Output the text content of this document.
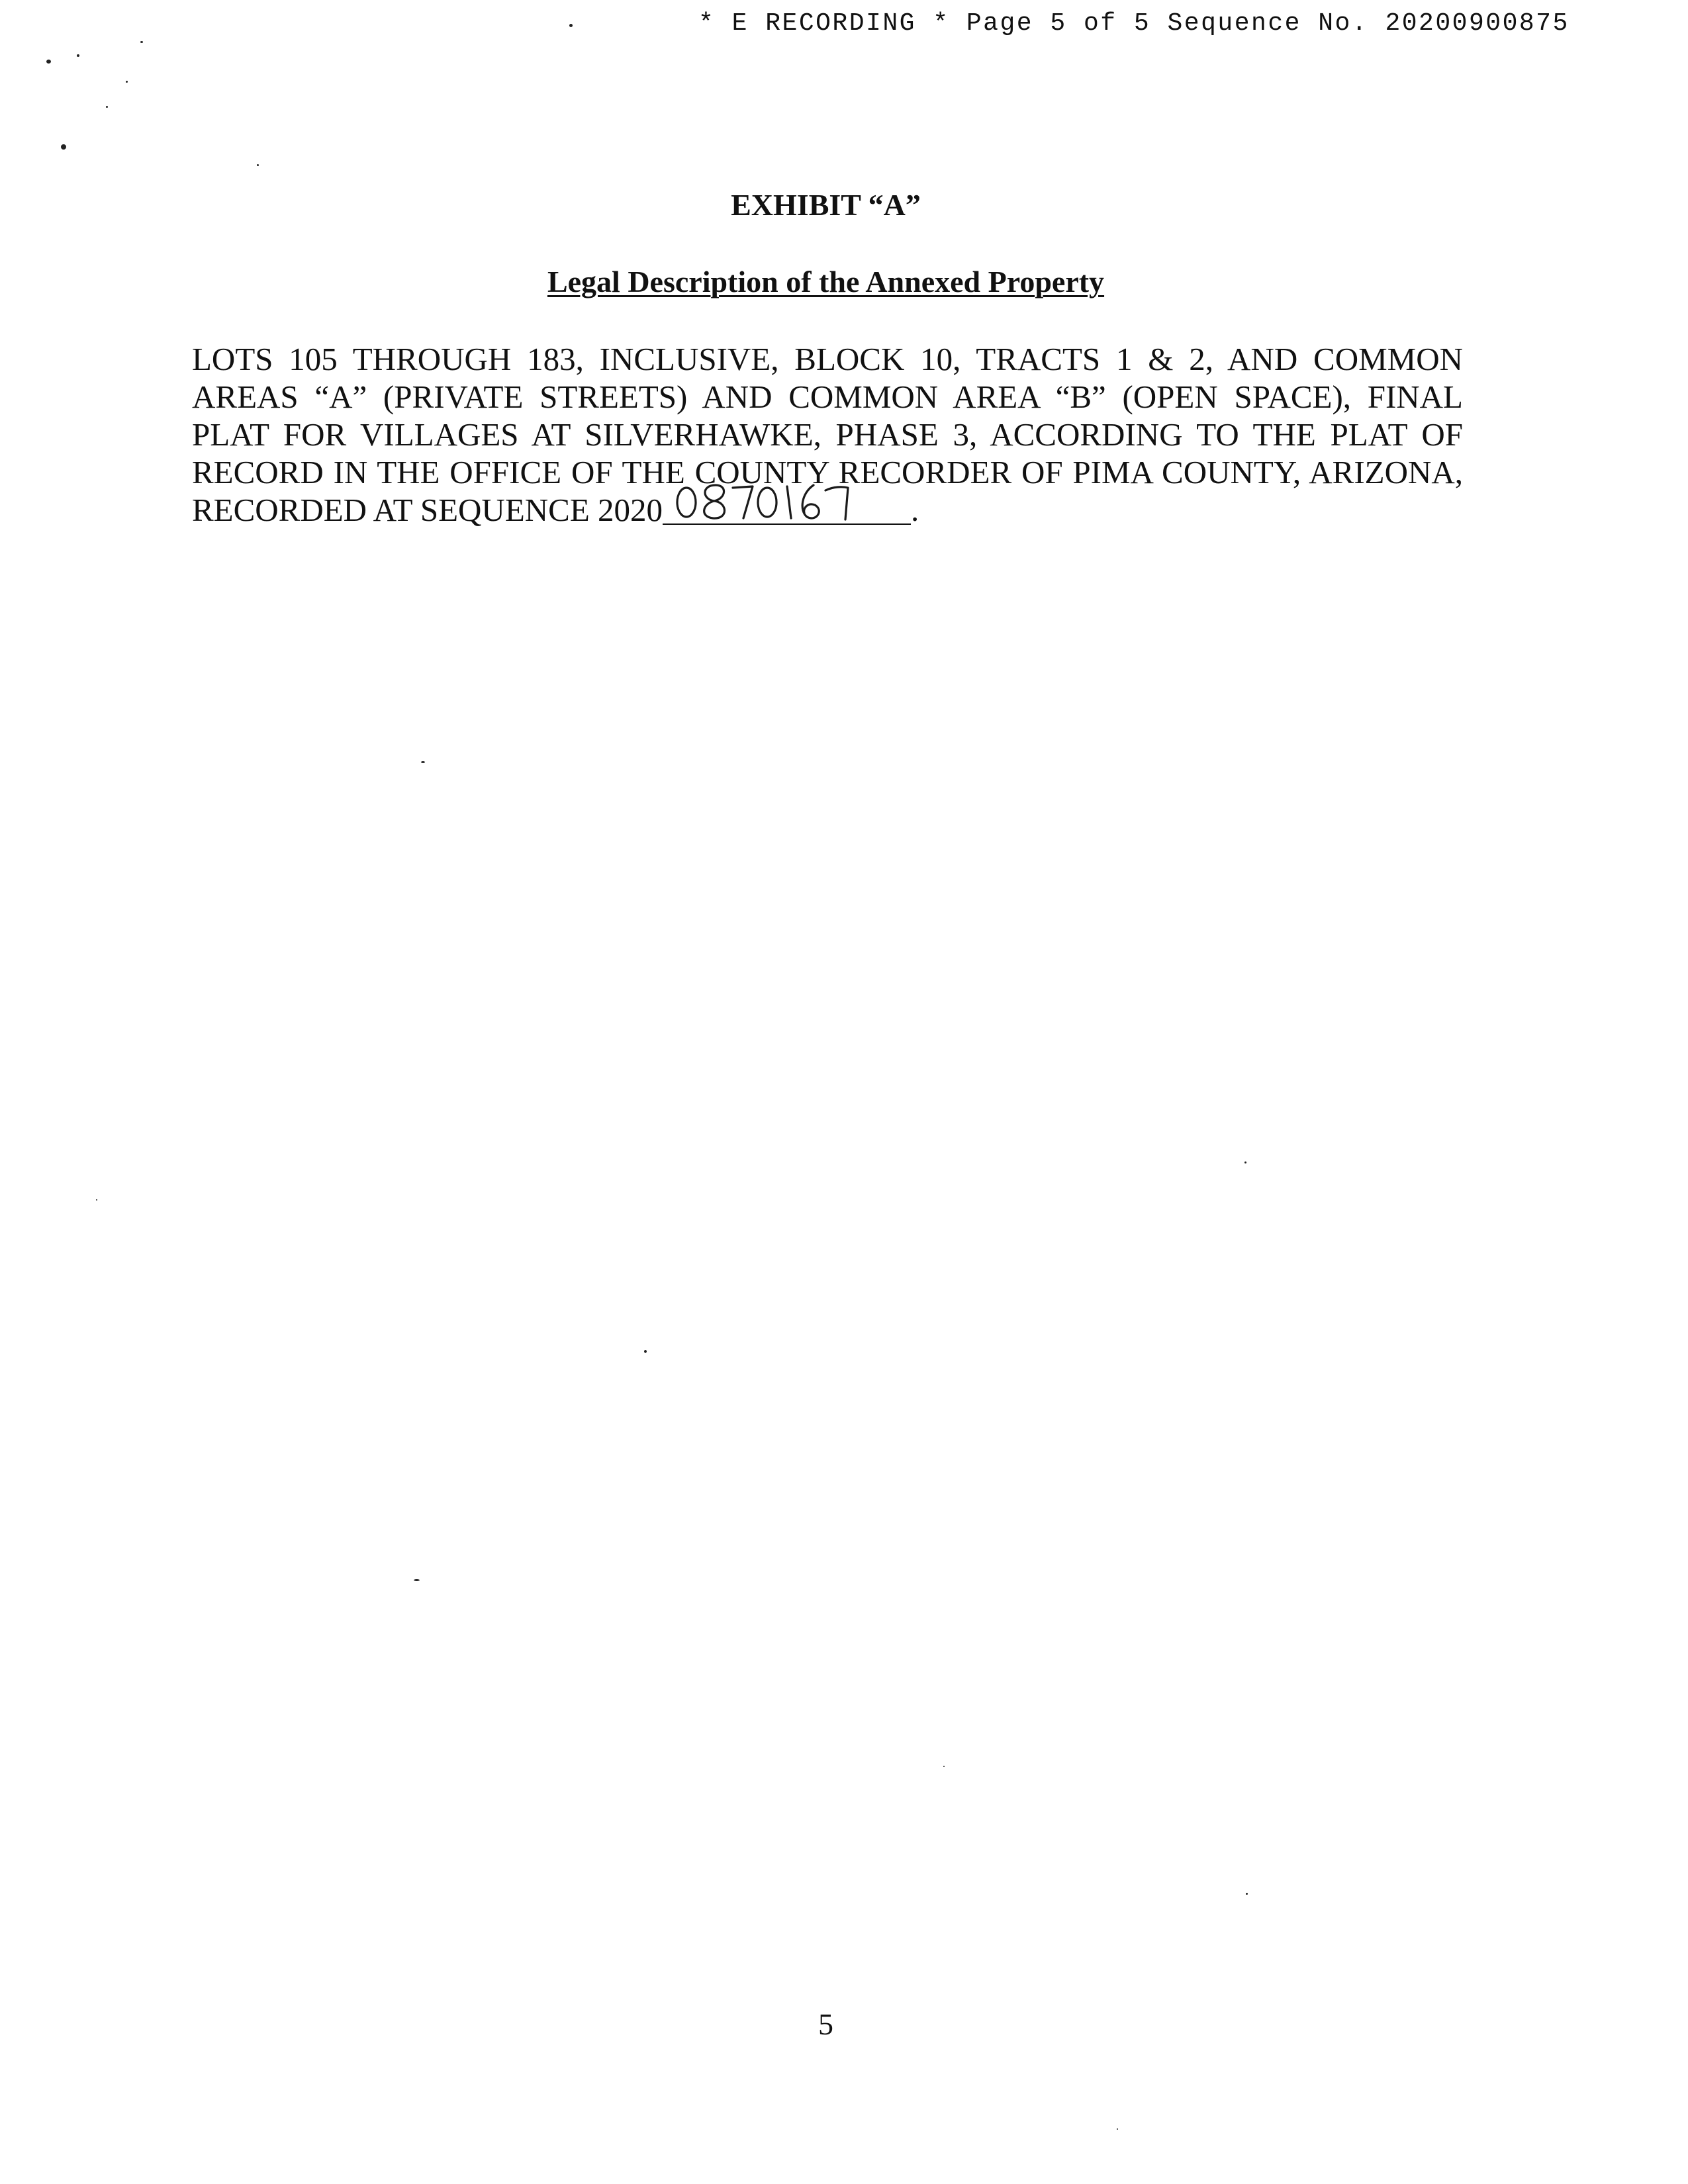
* E RECORDING * Page 5 of 5 Sequence No. 20200900875
EXHIBIT “A”
Legal Description of the Annexed Property
LOTS 105 THROUGH 183, INCLUSIVE, BLOCK 10, TRACTS 1 & 2, AND COMMON
AREAS “A” (PRIVATE STREETS) AND COMMON AREA “B” (OPEN SPACE), FINAL
PLAT FOR VILLAGES AT SILVERHAWKE, PHASE 3, ACCORDING TO THE PLAT OF
RECORD IN THE OFFICE OF THE COUNTY RECORDER OF PIMA COUNTY, ARIZONA,
RECORDED AT SEQUENCE 2020	.
5
